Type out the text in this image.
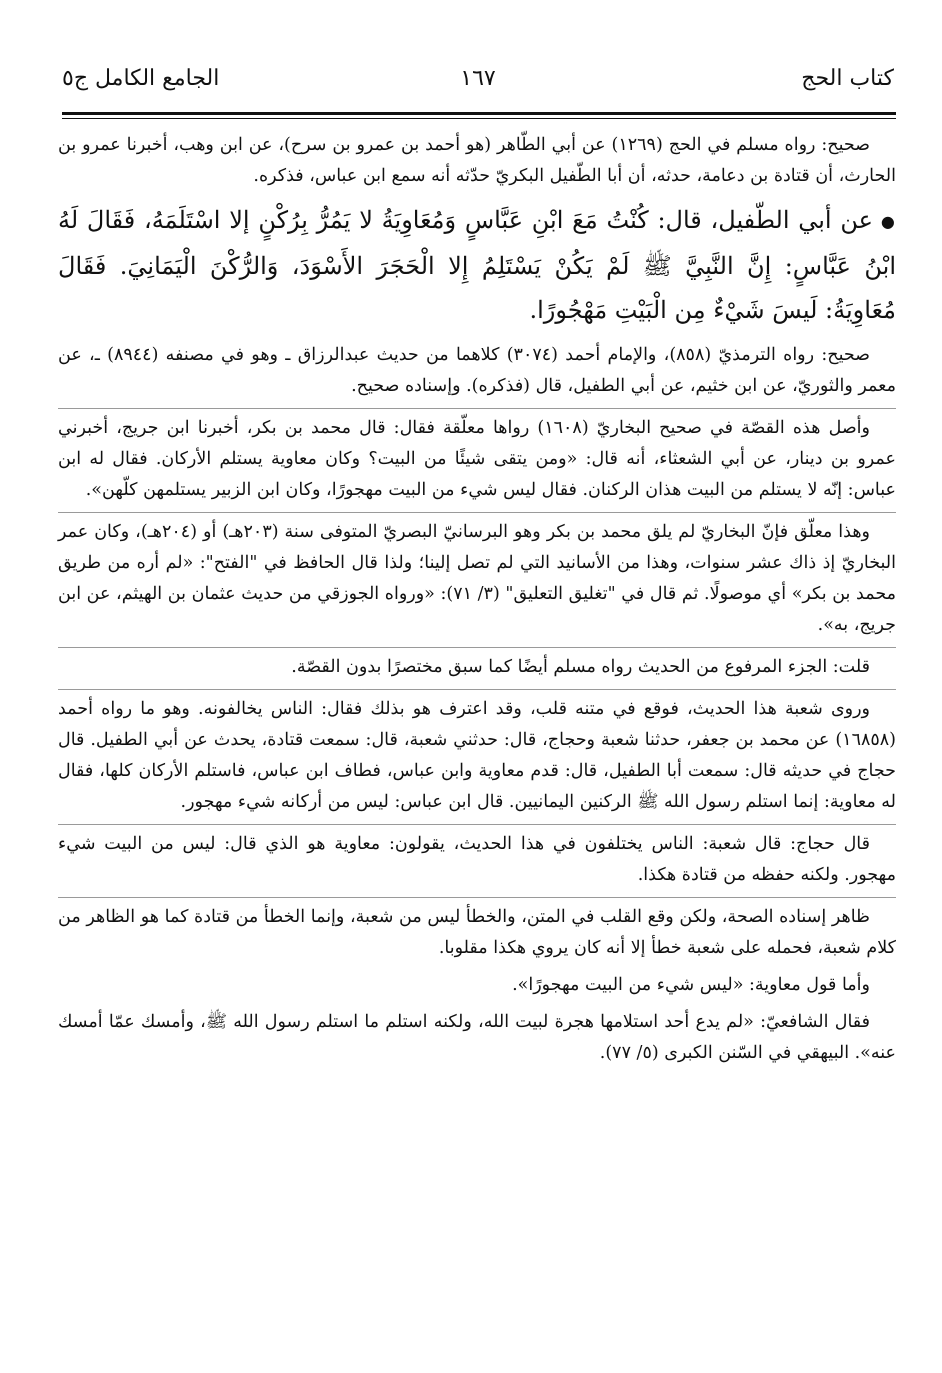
كتاب الحج
١٦٧
الجامع الكامل ج٥

صحيح: رواه مسلم في الحج (١٢٦٩) عن أبي الطّاهر (هو أحمد بن عمرو بن سرح)، عن ابن وهب، أخبرنا عمرو بن الحارث، أن قتادة بن دعامة، حدثه، أن أبا الطّفيل البكريّ حدّثه أنه سمع ابن عباس، فذكره.

●عن أبي الطّفيل، قال: كُنْتُ مَعَ ابْنِ عَبَّاسٍ وَمُعَاوِيَةُ لا يَمُرُّ بِرُكْنٍ إلا اسْتَلَمَهُ، فَقَالَ لَهُ ابْنُ عَبَّاسٍ: إِنَّ النَّبِيَّ ﷺ لَمْ يَكُنْ يَسْتَلِمُ إِلا الْحَجَرَ الأَسْوَدَ، وَالرُّكْنَ الْيَمَانِيَ. فَقَالَ مُعَاوِيَةُ: لَيسَ شَيْءٌ مِن الْبَيْتِ مَهْجُورًا.

صحيح: رواه الترمذيّ (٨٥٨)، والإمام أحمد (٣٠٧٤) كلاهما من حديث عبدالرزاق ـ وهو في مصنفه (٨٩٤٤) ـ، عن معمر والثوريّ، عن ابن خثيم، عن أبي الطفيل، قال (فذكره). وإسناده صحيح.

وأصل هذه القصّة في صحيح البخاريّ (١٦٠٨) رواها معلّقة فقال: قال محمد بن بكر، أخبرنا ابن جريج، أخبرني عمرو بن دينار، عن أبي الشعثاء، أنه قال: «ومن يتقى شيئًا من البيت؟ وكان معاوية يستلم الأركان. فقال له ابن عباس: إنّه لا يستلم من البيت هذان الركنان. فقال ليس شيء من البيت مهجورًا، وكان ابن الزبير يستلمهن كلّهن».

وهذا معلّق فإنّ البخاريّ لم يلق محمد بن بكر وهو البرسانيّ البصريّ المتوفى سنة (٢٠٣هـ) أو (٢٠٤هـ)، وكان عمر البخاريّ إذ ذاك عشر سنوات، وهذا من الأسانيد التي لم تصل إلينا؛ ولذا قال الحافظ في "الفتح": «لم أره من طريق محمد بن بكر» أي موصولًا. ثم قال في "تغليق التعليق" (٣/ ٧١): «ورواه الجوزقي من حديث عثمان بن الهيثم، عن ابن جريج، به».

قلت: الجزء المرفوع من الحديث رواه مسلم أيضًا كما سبق مختصرًا بدون القصّة.

وروى شعبة هذا الحديث، فوقع في متنه قلب، وقد اعترف هو بذلك فقال: الناس يخالفونه. وهو ما رواه أحمد (١٦٨٥٨) عن محمد بن جعفر، حدثنا شعبة وحجاج، قال: حدثني شعبة، قال: سمعت قتادة، يحدث عن أبي الطفيل. قال حجاج في حديثه قال: سمعت أبا الطفيل، قال: قدم معاوية وابن عباس، فطاف ابن عباس، فاستلم الأركان كلها، فقال له معاوية: إنما استلم رسول الله ﷺ الركنين اليمانيين. قال ابن عباس: ليس من أركانه شيء مهجور.

قال حجاج: قال شعبة: الناس يختلفون في هذا الحديث، يقولون: معاوية هو الذي قال: ليس من البيت شيء مهجور. ولكنه حفظه من قتادة هكذا.

ظاهر إسناده الصحة، ولكن وقع القلب في المتن، والخطأ ليس من شعبة، وإنما الخطأ من قتادة كما هو الظاهر من كلام شعبة، فحمله على شعبة خطأ إلا أنه كان يروي هكذا مقلوبا.

وأما قول معاوية: «ليس شيء من البيت مهجورًا».

فقال الشافعيّ: «لم يدع أحد استلامها هجرة لبيت الله، ولكنه استلم ما استلم رسول الله ﷺ، وأمسك عمّا أمسك عنه». البيهقي في السّنن الكبرى (٥/ ٧٧).
